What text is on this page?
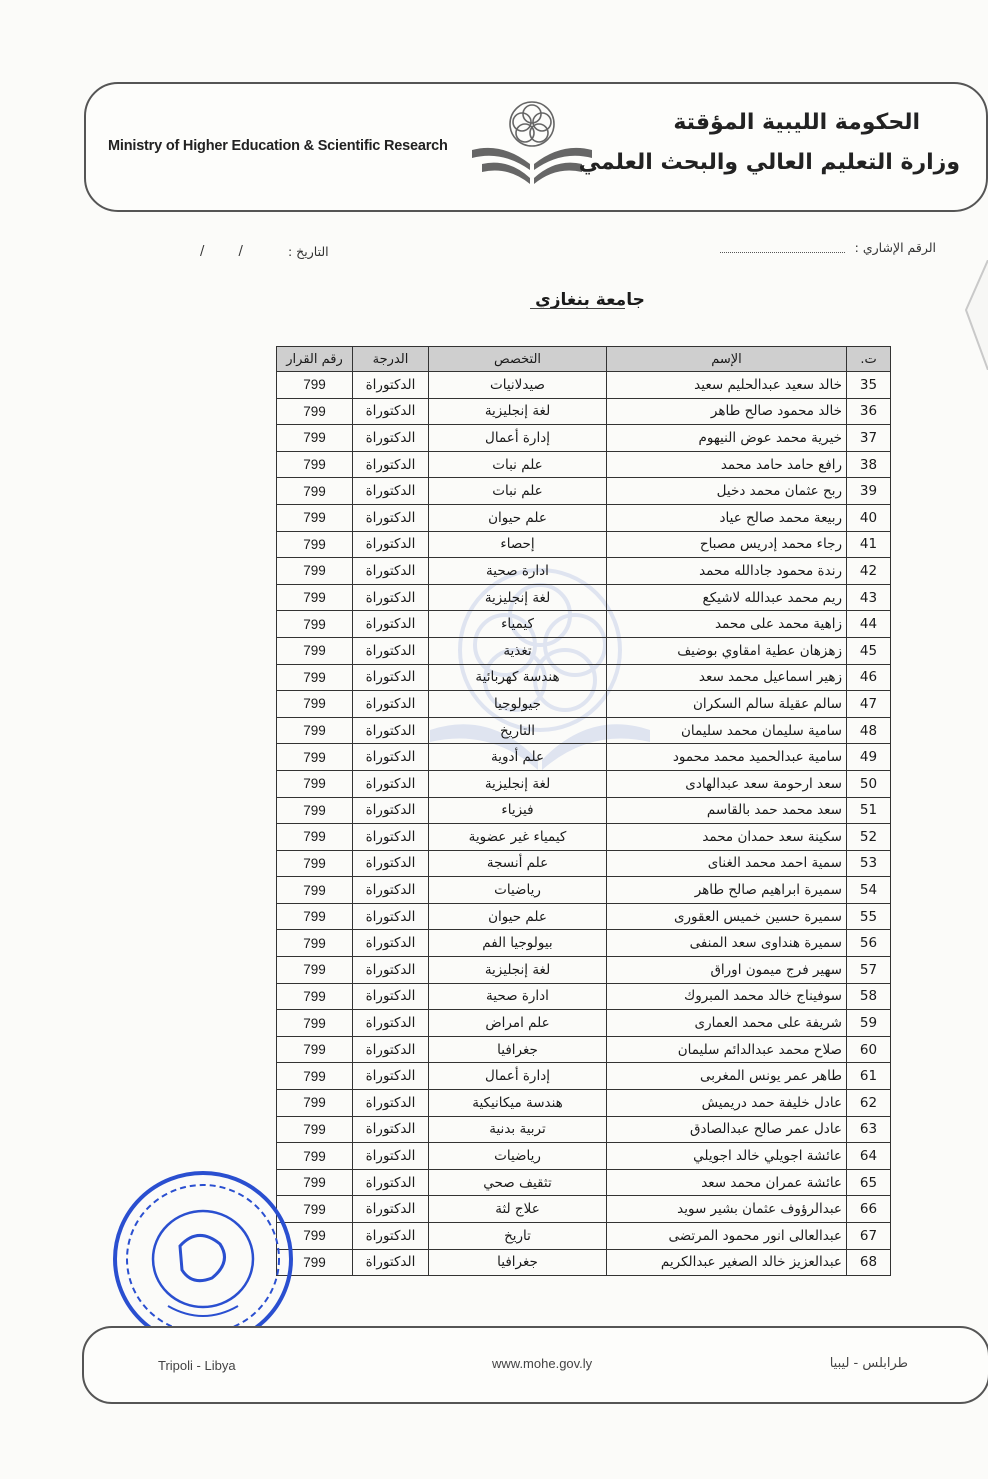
Ministry of Higher Education & Scientific Research
الحكومة الليبية المؤقتة
وزارة التعليم العالي والبحث العلمي
الرقم الإشاري :
التاريخ :
/ /
جامعة بنغازي
ت.	الإسم	التخصص	الدرجة	رقم القرار
35	خالد سعيد عبدالحليم سعيد	صيدلانيات	الدكتوراة	799
36	خالد محمود صالح طاهر	لغة إنجليزية	الدكتوراة	799
37	خيرية محمد عوض النيهوم	إدارة أعمال	الدكتوراة	799
38	رافع حامد حامد محمد	علم نبات	الدكتوراة	799
39	ربح عثمان محمد دخيل	علم نبات	الدكتوراة	799
40	ربيعة محمد صالح عياد	علم حيوان	الدكتوراة	799
41	رجاء محمد إدريس مصباح	إحصاء	الدكتوراة	799
42	رندة محمود جادالله محمد	ادارة صحية	الدكتوراة	799
43	ريم محمد عبدالله لاشيكع	لغة إنجليزية	الدكتوراة	799
44	زاهية محمد على محمد	كيمياء	الدكتوراة	799
45	زهزهان عطية امقاوي بوضيف	تغذية	الدكتوراة	799
46	زهير اسماعيل محمد سعد	هندسة كهربائية	الدكتوراة	799
47	سالم عقيلة سالم السكران	جيولوجيا	الدكتوراة	799
48	سامية سليمان محمد سليمان	التاريخ	الدكتوراة	799
49	سامية عبدالحميد محمد محمود	علم أدوية	الدكتوراة	799
50	سعد ارحومة سعد عبدالهادى	لغة إنجليزية	الدكتوراة	799
51	سعد محمد حمد بالقاسم	فيزياء	الدكتوراة	799
52	سكينة سعد حمدان محمد	كيمياء غير عضوية	الدكتوراة	799
53	سمية احمد محمد الغناى	علم أنسجة	الدكتوراة	799
54	سميرة ابراهيم صالح طاهر	رياضيات	الدكتوراة	799
55	سميرة حسين خميس العقورى	علم حيوان	الدكتوراة	799
56	سميرة هنداوى سعد المنفى	بيولوجيا الفم	الدكتوراة	799
57	سهير فرج ميمون اوراق	لغة إنجليزية	الدكتوراة	799
58	سوفيناج خالد محمد المبروك	ادارة صحية	الدكتوراة	799
59	شريفة على محمد العمارى	علم امراض	الدكتوراة	799
60	صلاح محمد عبدالدائم سليمان	جغرافيا	الدكتوراة	799
61	طاهر عمر يونس المغربى	إدارة أعمال	الدكتوراة	799
62	عادل خليفة حمد دريميش	هندسة ميكانيكية	الدكتوراة	799
63	عادل عمر صالح عبدالصادق	تربية بدنية	الدكتوراة	799
64	عائشة اجويلي خالد اجويلي	رياضيات	الدكتوراة	799
65	عائشة عمران محمد سعد	تثقيف صحي	الدكتوراة	799
66	عبدالرؤوف عثمان بشير سويد	علاج لثة	الدكتوراة	799
67	عبدالعالى انور محمود المرتضى	تاريخ	الدكتوراة	799
68	عبدالعزيز خالد الصغير عبدالكريم	جغرافيا	الدكتوراة	799
Tripoli - Libya	www.mohe.gov.ly	طرابلس - ليبيا
